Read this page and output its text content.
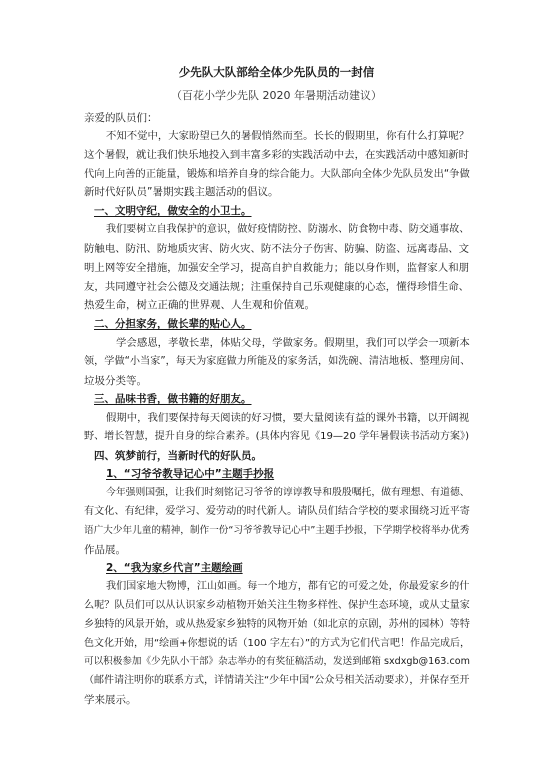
少先队大队部给全体少先队员的一封信
（百花小学少先队 2020 年暑期活动建议）
亲爱的队员们：
不知不觉中，大家盼望已久的暑假悄然而至。长长的假期里，你有什么打算呢？
这个暑假，就让我们快乐地投入到丰富多彩的实践活动中去，在实践活动中感知新时
代向上向善的正能量，锻炼和培养自身的综合能力。大队部向全体少先队员发出“争做
新时代好队员”暑期实践主题活动的倡议。
一、文明守纪，做安全的小卫士。
我们要树立自我保护的意识，做好疫情防控、防溺水、防食物中毒、防交通事故、
防触电、防汛、防地质灾害、防火灾、防不法分子伤害、防骗、防盗、远离毒品、文
明上网等安全措施，加强安全学习，提高自护自救能力；能以身作则，监督家人和朋
友，共同遵守社会公德及交通法规；注重保持自己乐观健康的心态，懂得珍惜生命、
热爱生命，树立正确的世界观、人生观和价值观。
二、分担家务，做长辈的贴心人。
学会感恩，孝敬长辈，体贴父母，学做家务。假期里，我们可以学会一项新本
领，学做“小当家”，每天为家庭做力所能及的家务活，如洗碗、清洁地板、整理房间、
垃圾分类等。
三、品味书香，做书籍的好朋友。
假期中，我们要保持每天阅读的好习惯，要大量阅读有益的课外书籍，以开阔视
野、增长智慧，提升自身的综合素养。(具体内容见《19—20 学年暑假读书活动方案》)
四、筑梦前行，当新时代的好队员。
1、“习爷爷教导记心中”主题手抄报
今年强则国强，让我们时刻铭记习爷爷的谆谆教导和殷殷嘱托，做有理想、有道德、
有文化、有纪律，爱学习、爱劳动的时代新人。请队员们结合学校的要求围绕习近平寄
语广大少年儿童的精神，制作一份“习爷爷教导记心中”主题手抄报，下学期学校将举办优秀
作品展。
2、“我为家乡代言”主题绘画
我们国家地大物博，江山如画。每一个地方，都有它的可爱之处，你最爱家乡的什
么呢？队员们可以从认识家乡动植物开始关注生物多样性、保护生态环境，或从丈量家
乡独特的风景开始，或从热爱家乡独特的风物开始（如北京的京剧，苏州的园林）等特
色文化开始，用“绘画+你想说的话（100 字左右）”的方式为它们代言吧！作品完成后，
可以积极参加《少先队小干部》杂志举办的有奖征稿活动，发送到邮箱 sxdxgb@163.com
（邮件请注明你的联系方式，详情请关注“少年中国”公众号相关活动要求），并保存至开
学来展示。
